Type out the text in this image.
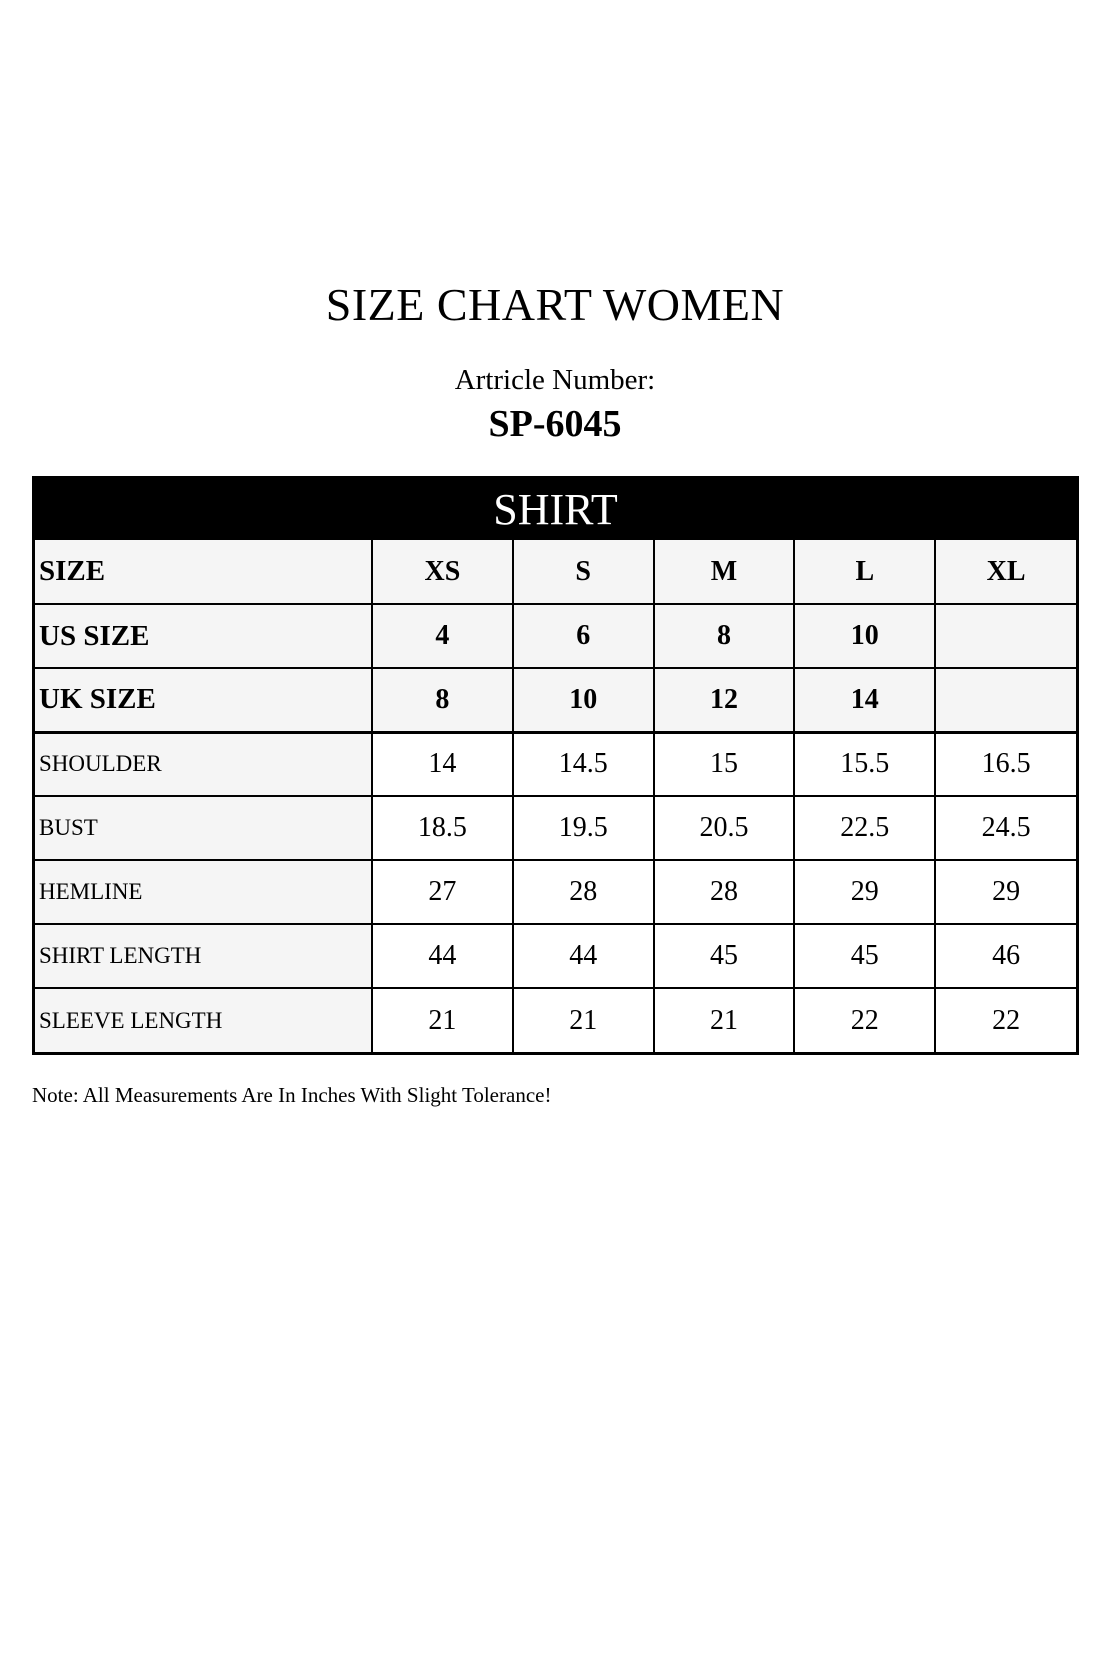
SIZE CHART WOMEN
Artricle Number:
SP-6045
SHIRT
SIZE	XS	S	M	L	XL
US SIZE	4	6	8	10	
UK SIZE	8	10	12	14	
SHOULDER	14	14.5	15	15.5	16.5
BUST	18.5	19.5	20.5	22.5	24.5
HEMLINE	27	28	28	29	29
SHIRT LENGTH	44	44	45	45	46
SLEEVE LENGTH	21	21	21	22	22
Note: All Measurements Are In Inches With Slight Tolerance!
